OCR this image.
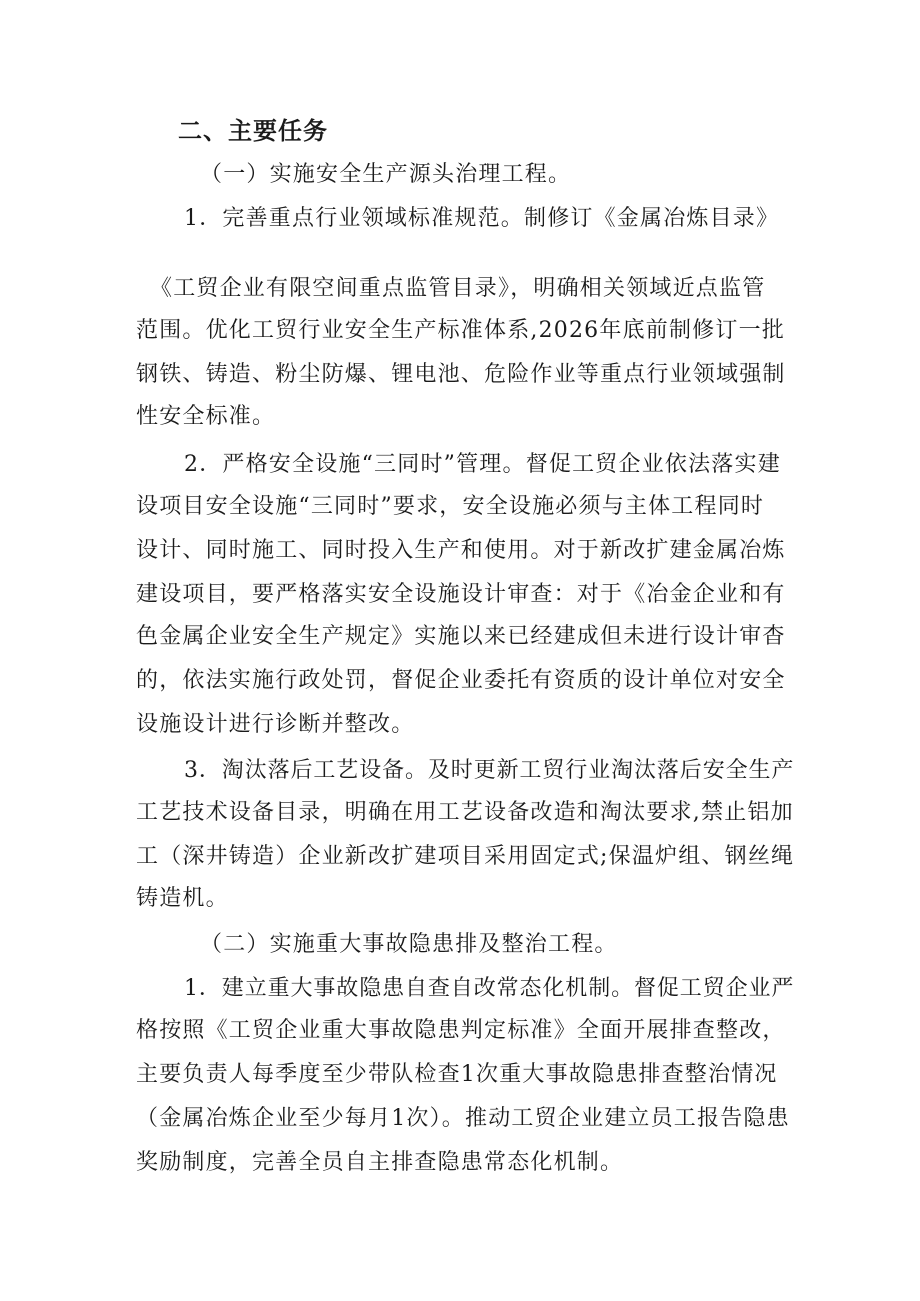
二、主要任务
（一）实施安全生产源头治理工程。
1．完善重点行业领域标准规范。制修订《金属冶炼目录》
《工贸企业有限空间重点监管目录》，明确相关领域近点监管
范围。优化工贸行业安全生产标准体系,2026年底前制修订一批
钢铁、铸造、粉尘防爆、锂电池、危险作业等重点行业领域强制
性安全标准。
2．严格安全设施“三同时”管理。督促工贸企业依法落实建
设项目安全设施“三同时”要求，安全设施必须与主体工程同时
设计、同时施工、同时投入生产和使用。对于新改扩建金属冶炼
建设项目，要严格落实安全设施设计审查：对于《冶金企业和有
色金属企业安全生产规定》实施以来已经建成但未进行设计审杳
的，依法实施行政处罚，督促企业委托有资质的设计单位对安全
设施设计进行诊断并整改。
3．淘汰落后工艺设备。及时更新工贸行业淘汰落后安全生产
工艺技术设备目录，明确在用工艺设备改造和淘汰要求,禁止铝加
工（深井铸造）企业新改扩建项目采用固定式;保温炉组、钢丝绳
铸造机。
（二）实施重大事故隐患排及整治工程。
1．建立重大事故隐患自查自改常态化机制。督促工贸企业严
格按照《工贸企业重大事故隐患判定标准》全面开展排查整改，
主要负责人每季度至少带队检查1次重大事故隐患排查整治情况
（金属冶炼企业至少每月1次）。推动工贸企业建立员工报告隐患
奖励制度，完善全员自主排查隐患常态化机制。
